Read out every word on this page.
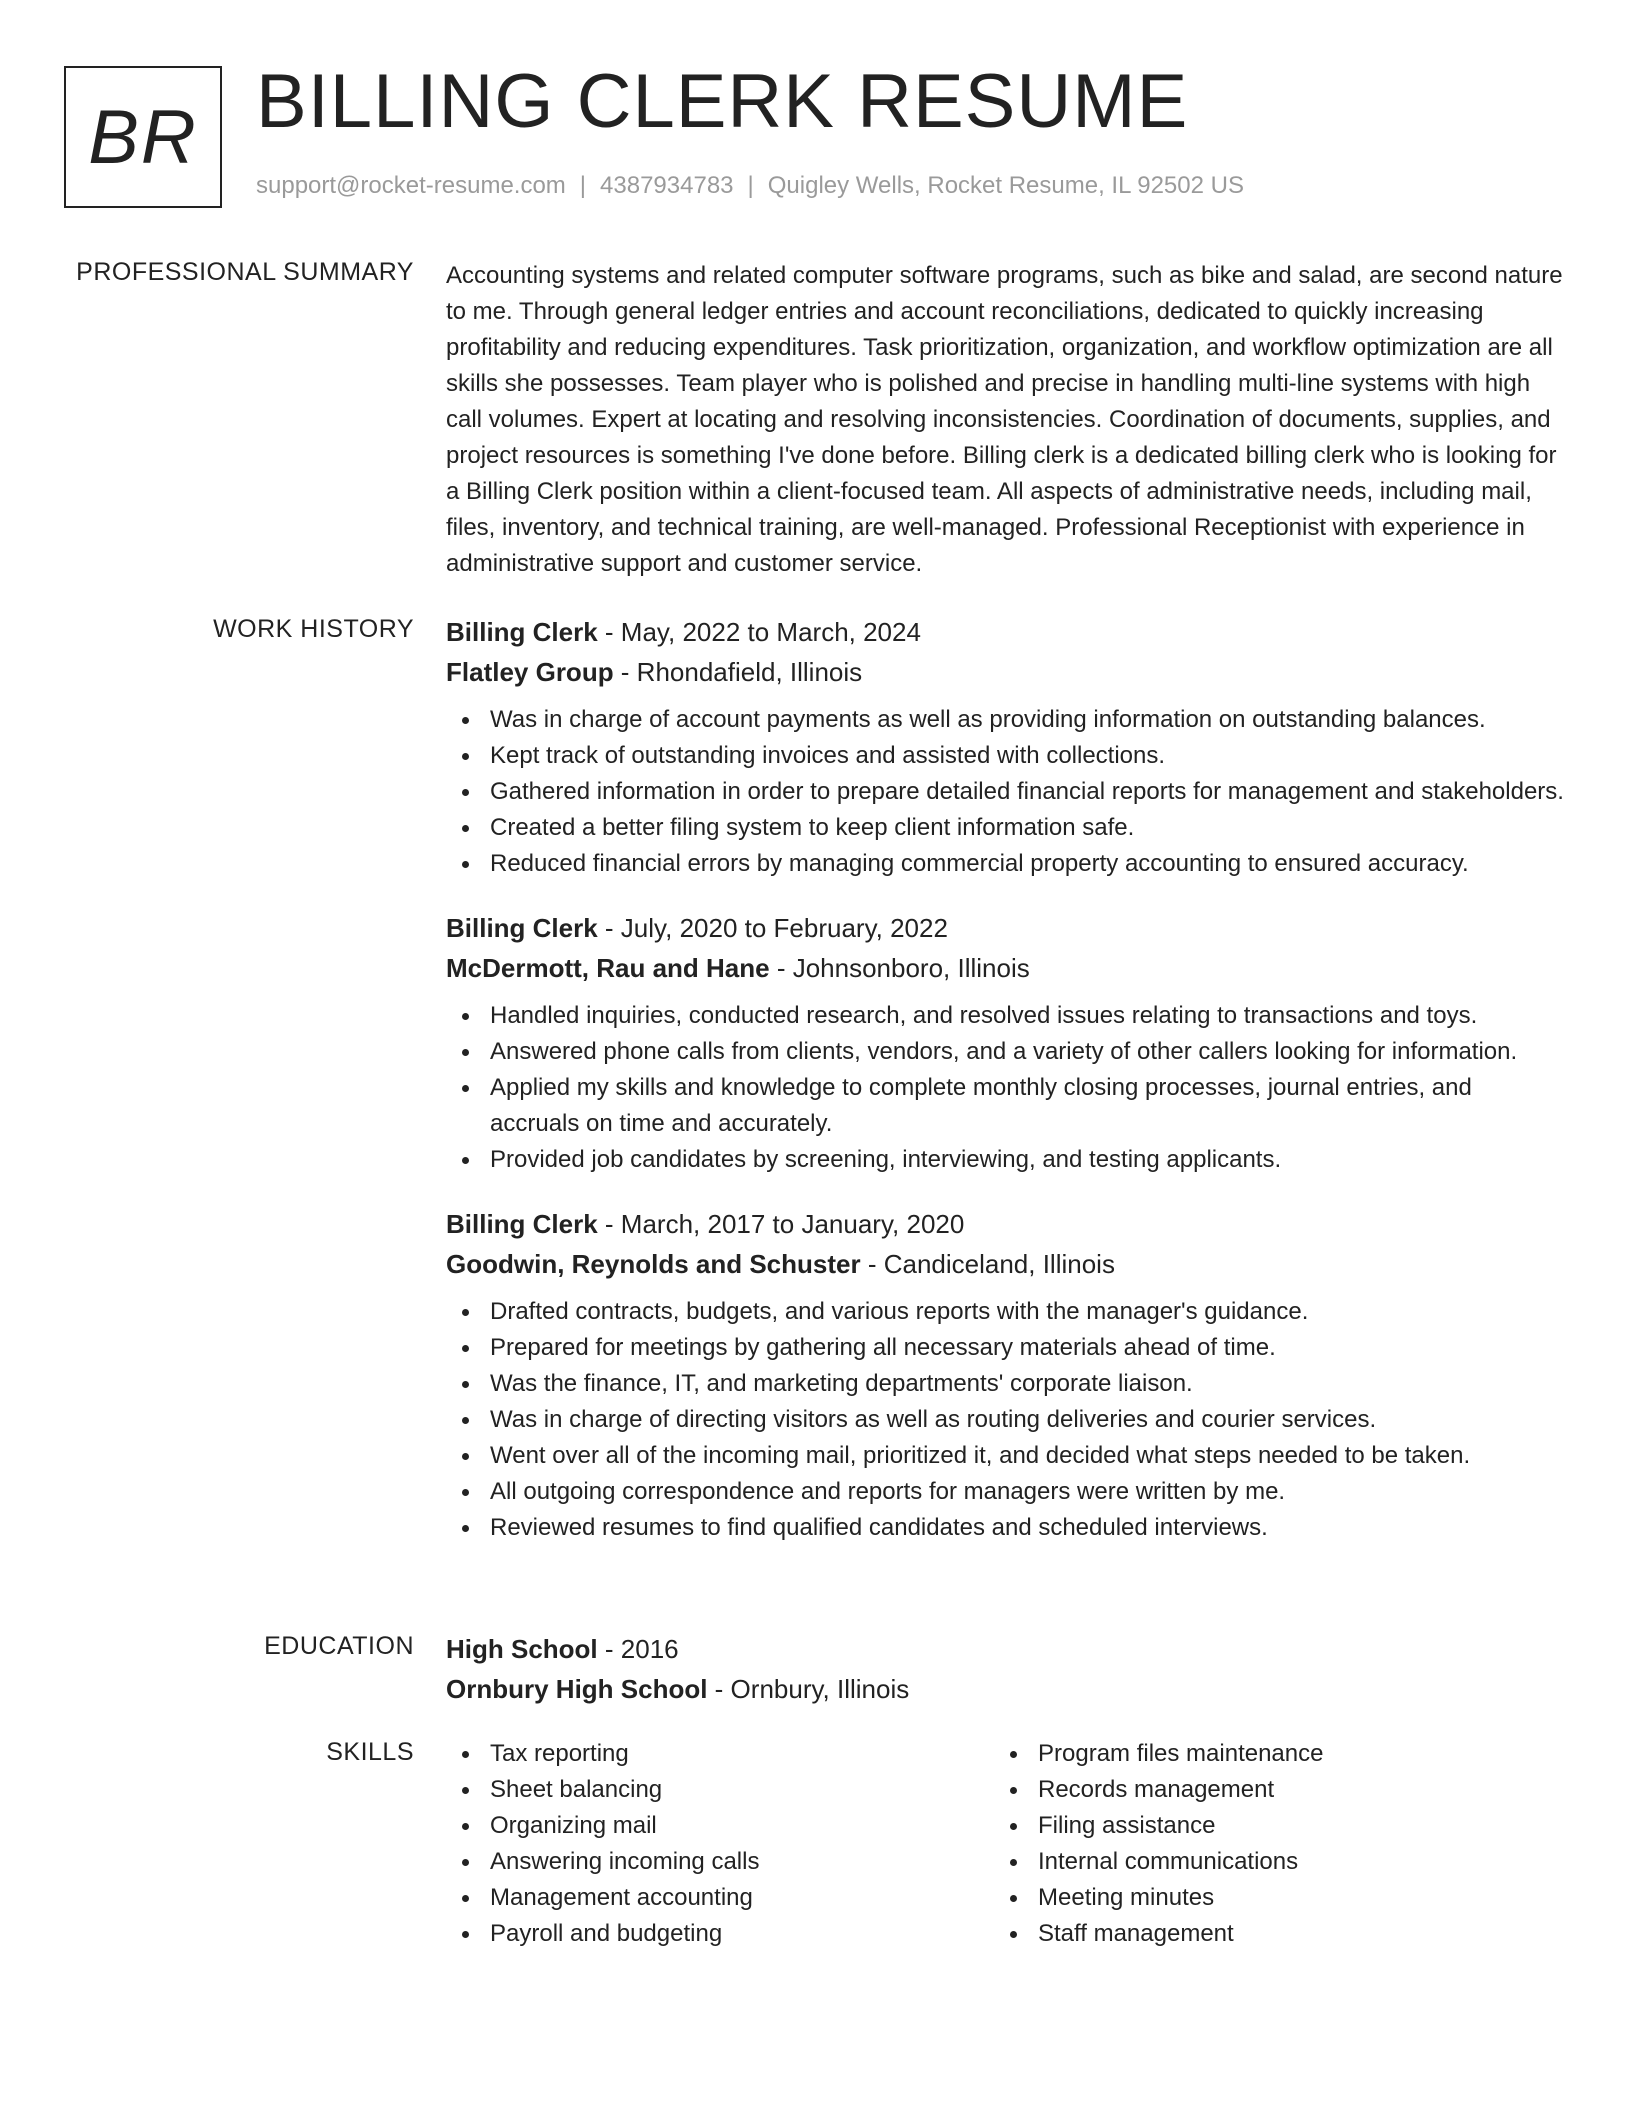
BR BILLING CLERK RESUME
support@rocket-resume.com | 4387934783 | Quigley Wells, Rocket Resume, IL 92502 US
PROFESSIONAL SUMMARY Accounting systems and related computer software programs, such as bike and salad, are second nature to me. Through general ledger entries and account reconciliations, dedicated to quickly increasing profitability and reducing expenditures. Task prioritization, organization, and workflow optimization are all skills she possesses. Team player who is polished and precise in handling multi-line systems with high call volumes. Expert at locating and resolving inconsistencies. Coordination of documents, supplies, and project resources is something I've done before. Billing clerk is a dedicated billing clerk who is looking for a Billing Clerk position within a client-focused team. All aspects of administrative needs, including mail, files, inventory, and technical training, are well-managed. Professional Receptionist with experience in administrative support and customer service.

WORK HISTORY Billing Clerk - May, 2022 to March, 2024
Flatley Group - Rhondafield, Illinois
Was in charge of account payments as well as providing information on outstanding balances.
Kept track of outstanding invoices and assisted with collections.
Gathered information in order to prepare detailed financial reports for management and stakeholders.
Created a better filing system to keep client information safe.
Reduced financial errors by managing commercial property accounting to ensured accuracy.
Billing Clerk - July, 2020 to February, 2022
McDermott, Rau and Hane - Johnsonboro, Illinois
Handled inquiries, conducted research, and resolved issues relating to transactions and toys.
Answered phone calls from clients, vendors, and a variety of other callers looking for information.
Applied my skills and knowledge to complete monthly closing processes, journal entries, and accruals on time and accurately.
Provided job candidates by screening, interviewing, and testing applicants.
Billing Clerk - March, 2017 to January, 2020
Goodwin, Reynolds and Schuster - Candiceland, Illinois
Drafted contracts, budgets, and various reports with the manager's guidance.
Prepared for meetings by gathering all necessary materials ahead of time.
Was the finance, IT, and marketing departments' corporate liaison.
Was in charge of directing visitors as well as routing deliveries and courier services.
Went over all of the incoming mail, prioritized it, and decided what steps needed to be taken.
All outgoing correspondence and reports for managers were written by me.
Reviewed resumes to find qualified candidates and scheduled interviews.
EDUCATION High School - 2016
Ornbury High School - Ornbury, Illinois
SKILLS	Tax reporting
Sheet balancing
Organizing mail
Answering incoming calls
Management accounting
Payroll and budgeting
Program files maintenance
Records management
Filing assistance
Internal communications
Meeting minutes
Staff management
